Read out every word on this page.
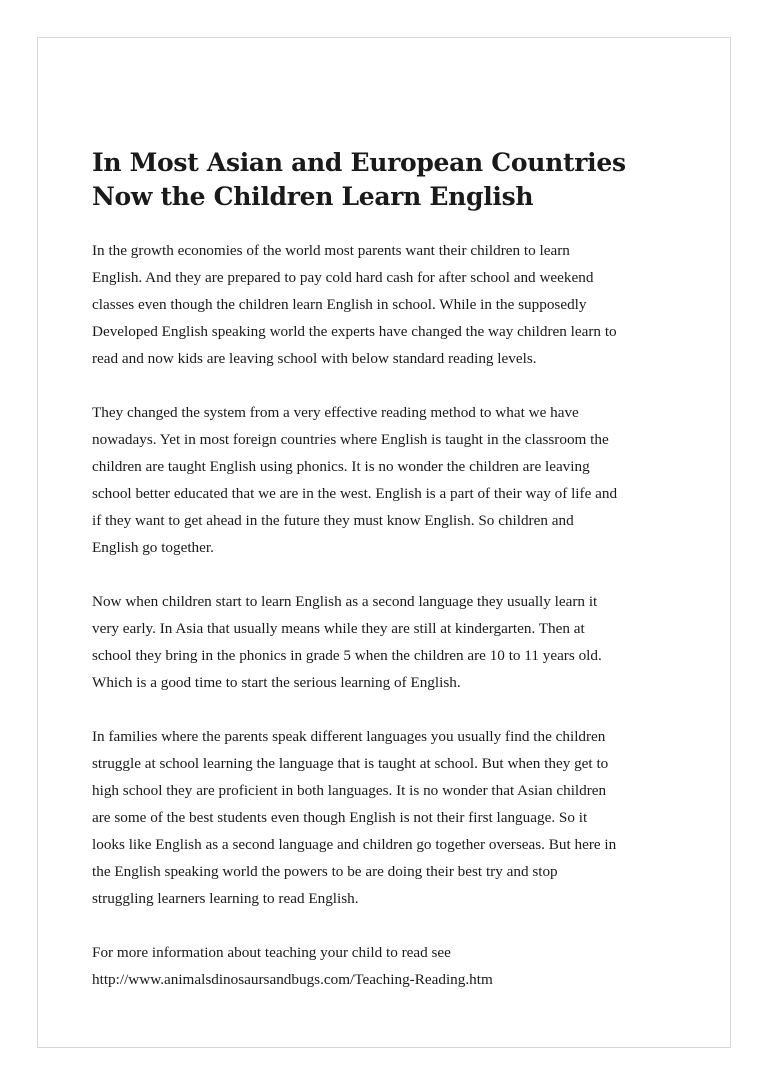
In Most Asian and European Countries
Now the Children Learn English

In the growth economies of the world most parents want their children to learn
English. And they are prepared to pay cold hard cash for after school and weekend
classes even though the children learn English in school. While in the supposedly
Developed English speaking world the experts have changed the way children learn to
read and now kids are leaving school with below standard reading levels.

They changed the system from a very effective reading method to what we have
nowadays. Yet in most foreign countries where English is taught in the classroom the
children are taught English using phonics. It is no wonder the children are leaving
school better educated that we are in the west. English is a part of their way of life and
if they want to get ahead in the future they must know English. So children and
English go together.

Now when children start to learn English as a second language they usually learn it
very early. In Asia that usually means while they are still at kindergarten. Then at
school they bring in the phonics in grade 5 when the children are 10 to 11 years old.
Which is a good time to start the serious learning of English.

In families where the parents speak different languages you usually find the children
struggle at school learning the language that is taught at school. But when they get to
high school they are proficient in both languages. It is no wonder that Asian children
are some of the best students even though English is not their first language. So it
looks like English as a second language and children go together overseas. But here in
the English speaking world the powers to be are doing their best try and stop
struggling learners learning to read English.

For more information about teaching your child to read see
http://www.animalsdinosaursandbugs.com/Teaching-Reading.htm
